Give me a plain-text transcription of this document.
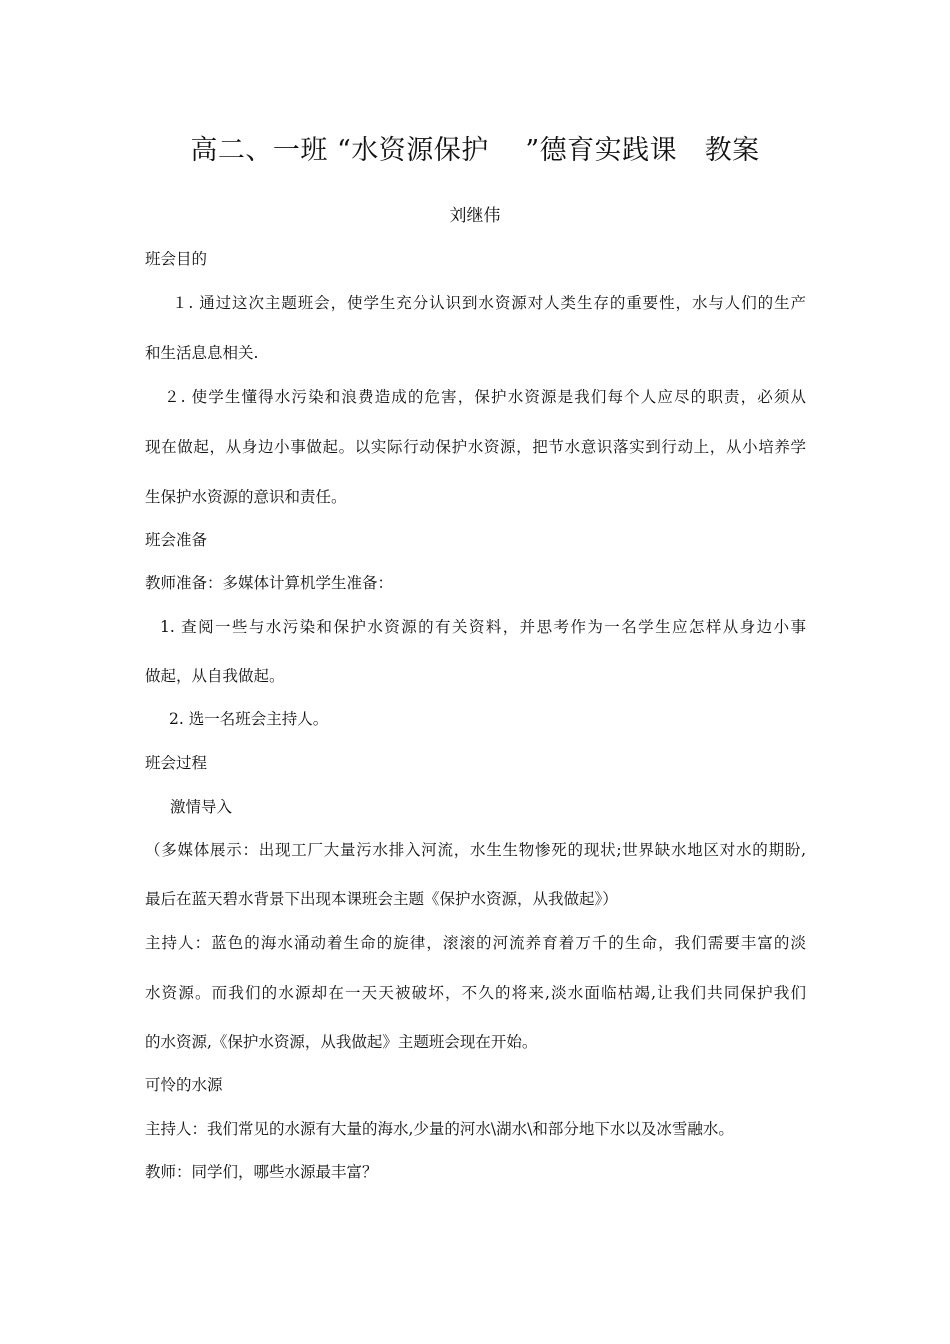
高二、一班 “水资源保护　 ”德育实践课　教案
刘继伟
班会目的
１. 通过这次主题班会，使学生充分认识到水资源对人类生存的重要性，水与人们的生产
和生活息息相关.
２. 使学生懂得水污染和浪费造成的危害，保护水资源是我们每个人应尽的职责，必须从
现在做起，从身边小事做起。以实际行动保护水资源，把节水意识落实到行动上，从小培养学
生保护水资源的意识和责任。
班会准备
教师准备：多媒体计算机学生准备：
1. 查阅一些与水污染和保护水资源的有关资料，并思考作为一名学生应怎样从身边小事
做起，从自我做起。
2. 选一名班会主持人。
班会过程
激情导入
（多媒体展示：出现工厂大量污水排入河流，水生生物惨死的现状;世界缺水地区对水的期盼,
最后在蓝天碧水背景下出现本课班会主题《保护水资源，从我做起》）
主持人：蓝色的海水涌动着生命的旋律，滚滚的河流养育着万千的生命，我们需要丰富的淡
水资源。而我们的水源却在一天天被破坏，不久的将来,淡水面临枯竭,让我们共同保护我们
的水资源,《保护水资源，从我做起》主题班会现在开始。
可怜的水源
主持人：我们常见的水源有大量的海水,少量的河水\湖水\和部分地下水以及冰雪融水。
教师：同学们，哪些水源最丰富？
